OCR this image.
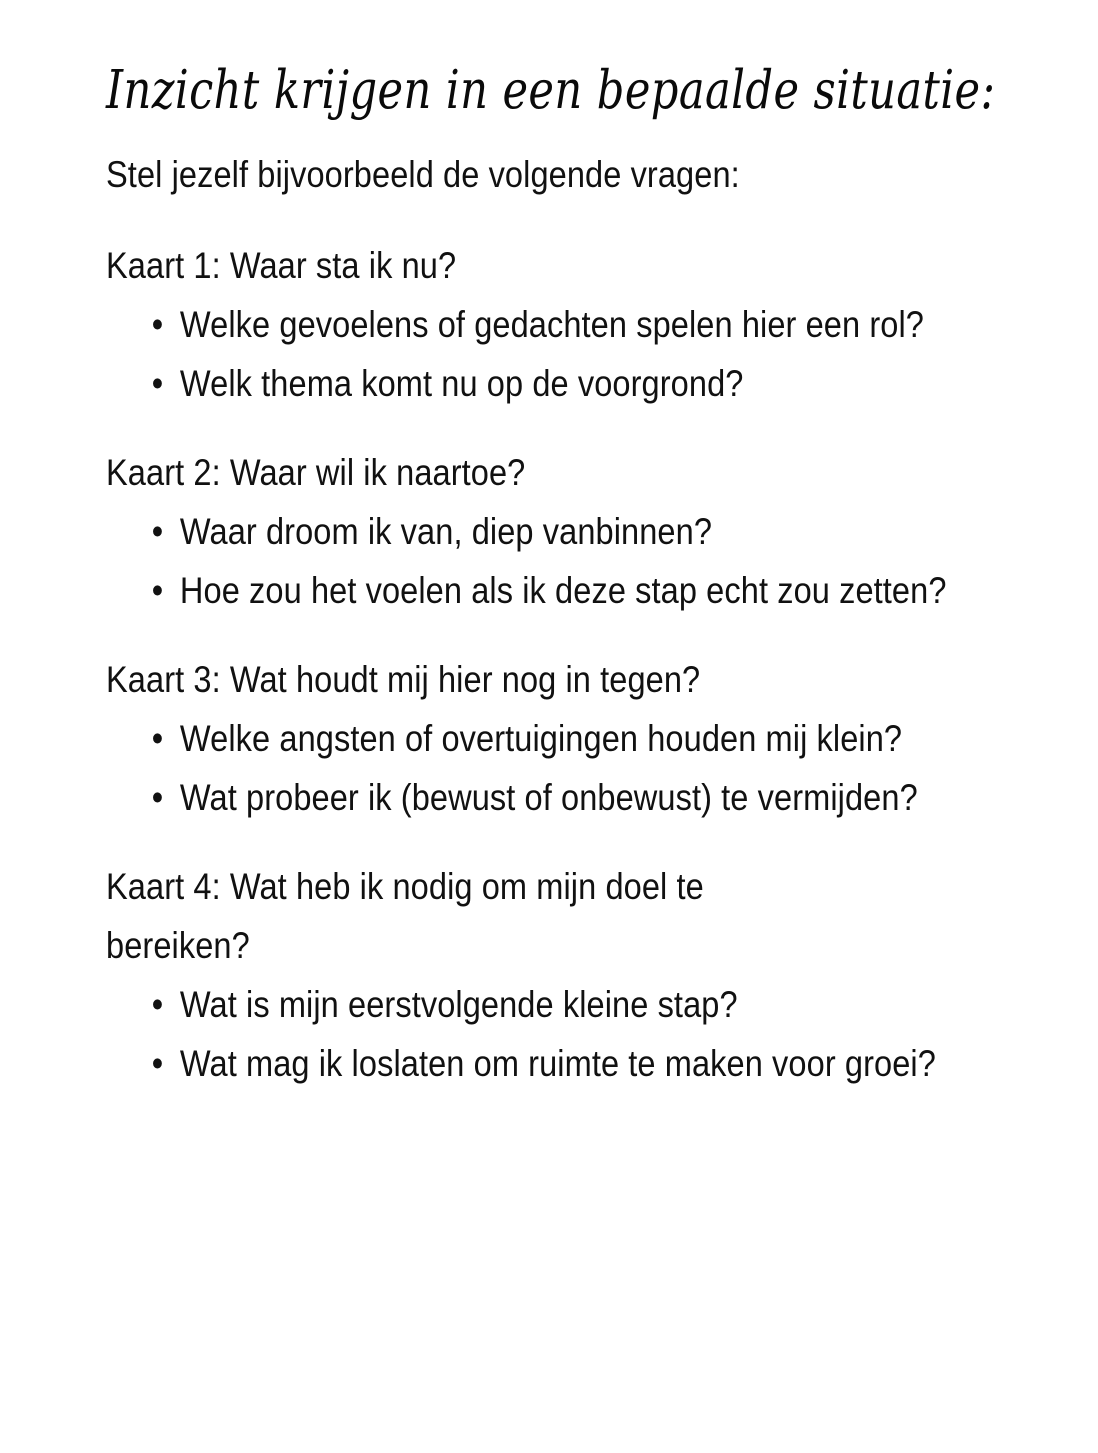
Inzicht krijgen in een bepaalde situatie:

Stel jezelf bijvoorbeeld de volgende vragen:

Kaart 1: Waar sta ik nu?

• Welke gevoelens of gedachten spelen hier een rol?
• Welk thema komt nu op de voorgrond?

Kaart 2: Waar wil ik naartoe?

• Waar droom ik van, diep vanbinnen?
• Hoe zou het voelen als ik deze stap echt zou zetten?

Kaart 3: Wat houdt mij hier nog in tegen?

• Welke angsten of overtuigingen houden mij klein?
• Wat probeer ik (bewust of onbewust) te vermijden?

Kaart 4: Wat heb ik nodig om mijn doel te bereiken?

• Wat is mijn eerstvolgende kleine stap?
• Wat mag ik loslaten om ruimte te maken voor groei?
